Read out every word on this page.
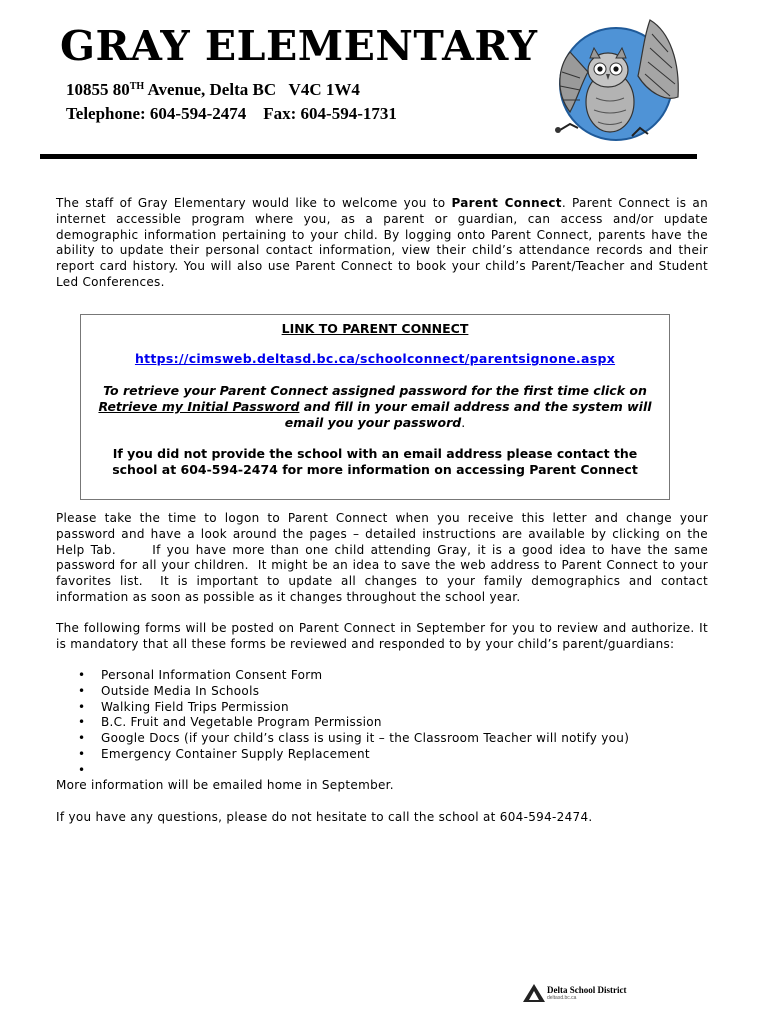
GRAY ELEMENTARY
10855 80TH Avenue, Delta BC   V4C 1W4
Telephone: 604-594-2474    Fax: 604-594-1731
The staff of Gray Elementary would like to welcome you to Parent Connect. Parent Connect is an internet accessible program where you, as a parent or guardian, can access and/or update demographic information pertaining to your child. By logging onto Parent Connect, parents have the ability to update their personal contact information, view their child’s attendance records and their report card history. You will also use Parent Connect to book your child’s Parent/Teacher and Student Led Conferences.
LINK TO PARENT CONNECT
https://cimsweb.deltasd.bc.ca/schoolconnect/parentsignone.aspx
To retrieve your Parent Connect assigned password for the first time click on
Retrieve my Initial Password and fill in your email address and the system will
email you your password.
If you did not provide the school with an email address please contact the
school at 604-594-2474 for more information on accessing Parent Connect
Please take the time to logon to Parent Connect when you receive this letter and change your password and have a look around the pages – detailed instructions are available by clicking on the Help Tab.      If you have more than one child attending Gray, it is a good idea to have the same password for all your children.  It might be an idea to save the web address to Parent Connect to your favorites list.  It is important to update all changes to your family demographics and contact information as soon as possible as it changes throughout the school year.
The following forms will be posted on Parent Connect in September for you to review and authorize. It is mandatory that all these forms be reviewed and responded to by your child’s parent/guardians:
• Personal Information Consent Form
• Outside Media In Schools
• Walking Field Trips Permission
• B.C. Fruit and Vegetable Program Permission
• Google Docs (if your child’s class is using it – the Classroom Teacher will notify you)
• Emergency Container Supply Replacement
•
More information will be emailed home in September.
If you have any questions, please do not hesitate to call the school at 604-594-2474.
Delta School District
deltasd.bc.ca
